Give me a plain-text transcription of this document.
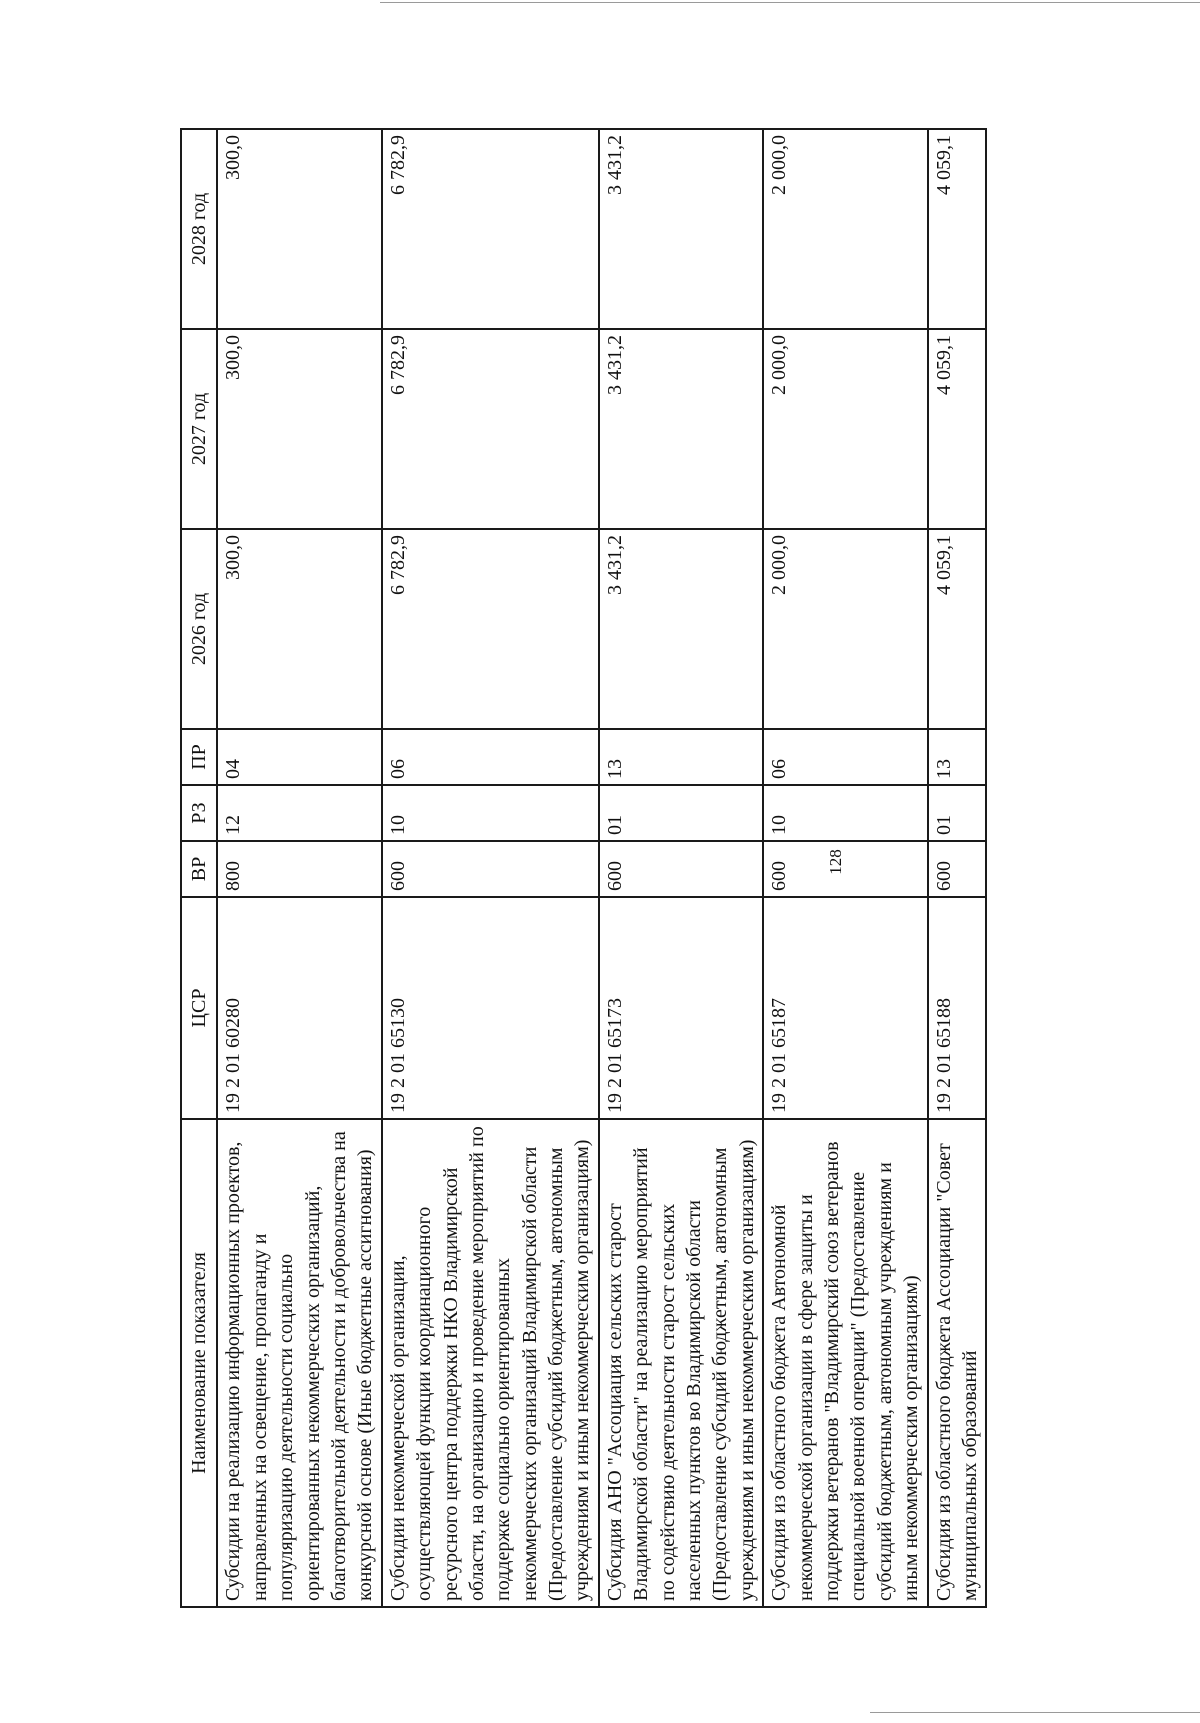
128
Наименование показателя	ЦСР	ВР	РЗ	ПР	2026 год	2027 год	2028 год
Субсидии на реализацию информационных проектов, направленных на освещение, пропаганду и популяризацию деятельности социально ориентированных некоммерческих организаций, благотворительной деятельности и добровольчества на конкурсной основе (Иные бюджетные ассигнования)	19 2 01 60280	800	12	04	300,0	300,0	300,0
Субсидии некоммерческой организации, осуществляющей функции координационного ресурсного центра поддержки НКО Владимирской области, на организацию и проведение мероприятий по поддержке социально ориентированных некоммерческих организаций Владимирской области (Предоставление субсидий бюджетным, автономным учреждениям и иным некоммерческим организациям)	19 2 01 65130	600	10	06	6 782,9	6 782,9	6 782,9
Субсидия АНО "Ассоциация сельских старост Владимирской области" на реализацию мероприятий по содействию деятельности старост сельских населенных пунктов во Владимирской области (Предоставление субсидий бюджетным, автономным учреждениям и иным некоммерческим организациям)	19 2 01 65173	600	01	13	3 431,2	3 431,2	3 431,2
Субсидия из областного бюджета Автономной некоммерческой организации в сфере защиты и поддержки ветеранов "Владимирский союз ветеранов специальной военной операции" (Предоставление субсидий бюджетным, автономным учреждениям и иным некоммерческим организациям)	19 2 01 65187	600	10	06	2 000,0	2 000,0	2 000,0
Субсидия из областного бюджета Ассоциации "Совет муниципальных образований	19 2 01 65188	600	01	13	4 059,1	4 059,1	4 059,1
